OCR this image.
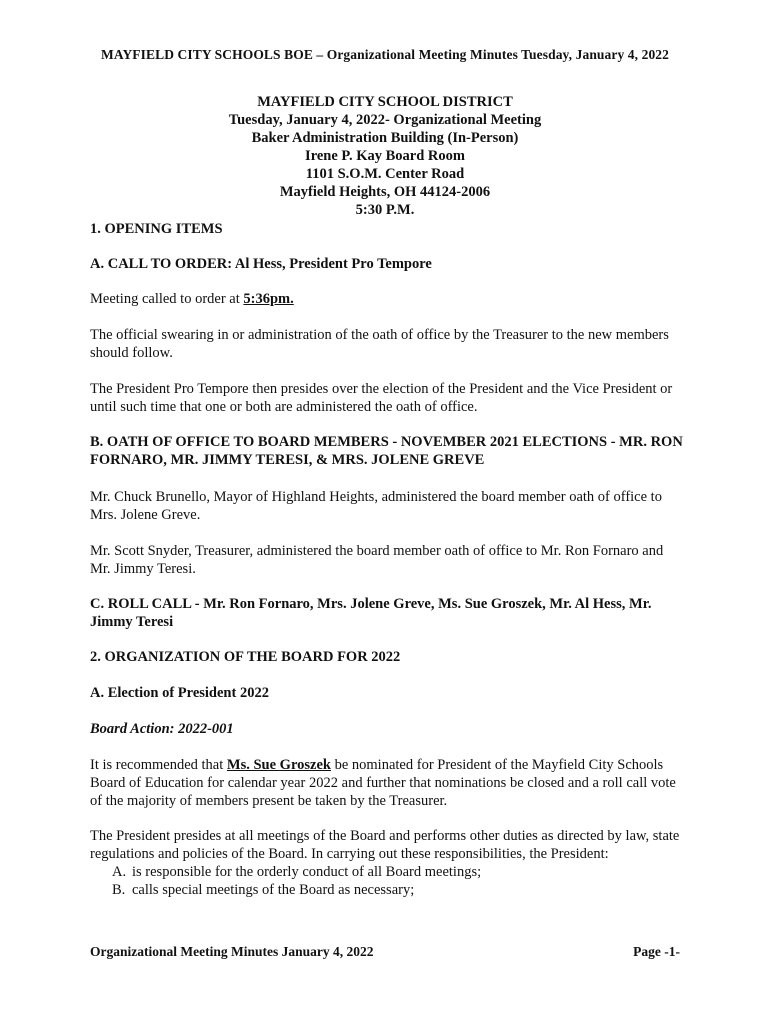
MAYFIELD CITY SCHOOLS BOE – Organizational Meeting Minutes Tuesday, January 4, 2022
MAYFIELD CITY SCHOOL DISTRICT
Tuesday, January 4, 2022- Organizational Meeting
Baker Administration Building (In-Person)
Irene P. Kay Board Room
1101 S.O.M. Center Road
Mayfield Heights, OH 44124-2006
5:30 P.M.
1. OPENING ITEMS
A. CALL TO ORDER: Al Hess, President Pro Tempore
Meeting called to order at 5:36pm.
The official swearing in or administration of the oath of office by the Treasurer to the new members should follow.
The President Pro Tempore then presides over the election of the President and the Vice President or until such time that one or both are administered the oath of office.
B. OATH OF OFFICE TO BOARD MEMBERS - NOVEMBER 2021 ELECTIONS - MR. RON FORNARO, MR. JIMMY TERESI, & MRS. JOLENE GREVE
Mr. Chuck Brunello, Mayor of Highland Heights, administered the board member oath of office to Mrs. Jolene Greve.
Mr. Scott Snyder, Treasurer, administered the board member oath of office to Mr. Ron Fornaro and Mr. Jimmy Teresi.
C. ROLL CALL - Mr. Ron Fornaro, Mrs. Jolene Greve, Ms. Sue Groszek, Mr. Al Hess, Mr. Jimmy Teresi
2. ORGANIZATION OF THE BOARD FOR 2022
A. Election of President 2022
Board Action: 2022-001
It is recommended that Ms. Sue Groszek be nominated for President of the Mayfield City Schools Board of Education for calendar year 2022 and further that nominations be closed and a roll call vote of the majority of members present be taken by the Treasurer.
The President presides at all meetings of the Board and performs other duties as directed by law, state regulations and policies of the Board. In carrying out these responsibilities, the President:
A. is responsible for the orderly conduct of all Board meetings;
B. calls special meetings of the Board as necessary;
Organizational Meeting Minutes January 4, 2022	Page -1-
